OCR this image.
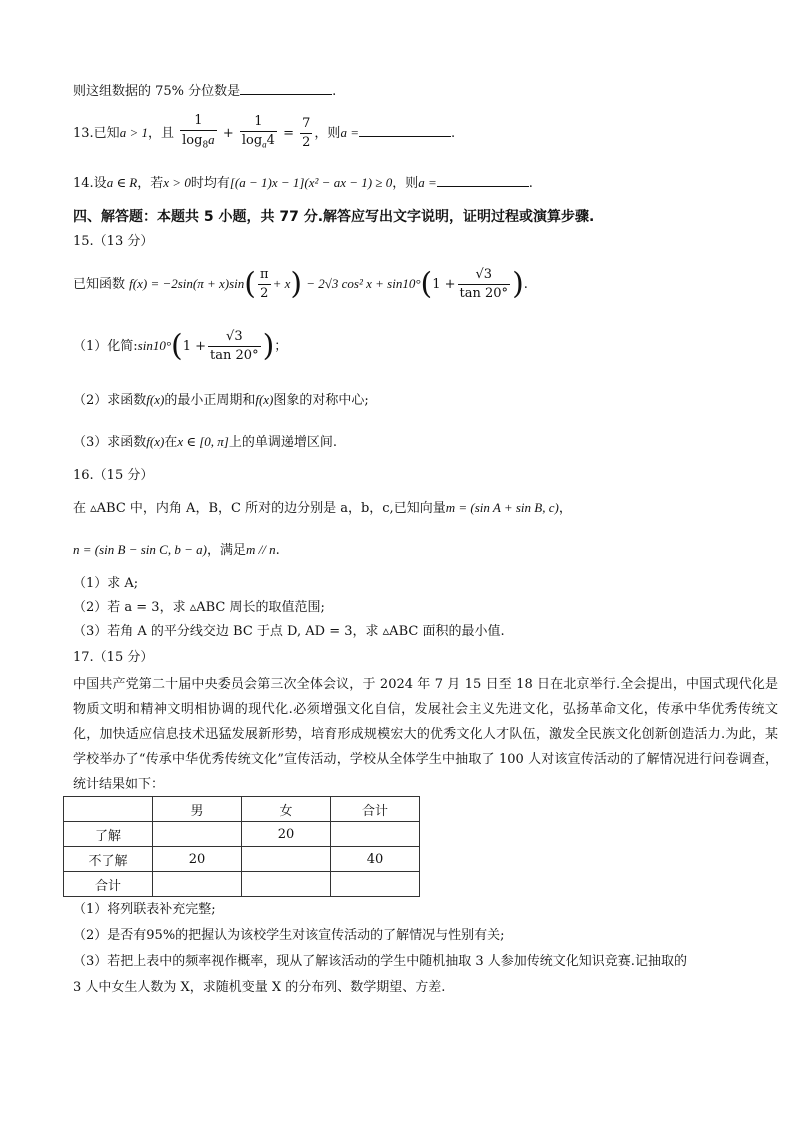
则这组数据的 75% 分位数是	.
13.已知a > 1，且 $\frac{1}{\log_8a} + \frac{1}{\log_a4} = \frac{7}{2}$ ，则a =	.
14.设a ∈ R，若x > 0时均有[(a − 1)x − 1](x² − ax − 1) ≥ 0，则a =	.
四、解答题：本题共 5 小题，共 77 分.解答应写出文字说明，证明过程或演算步骤.
15.（13 分）
已知函数 $f(x) = -2\sin(\pi + x)\sin( \frac{\pi}{2} + x) - 2√3$ cos² $x + \sin 10^\circ(1 + \frac{√3}{\tan 20^\circ}$ ).
（1）化简:sin10°(1 + $\frac{√3}{\tan 20^\circ}$ )；
（2）求函数f(x)的最小正周期和f(x)图象的对称中心;
（3）求函数f(x)在x ∈ [0, π]上的单调递增区间.
16.（15 分）
在 ▵ABC 中，内角 A，B，C 所对的边分别是 a，b，c,已知向量m = (sin A + sin B, c)，
n = (sin B − sin C, b − a)，满足m // n.
（1）求 A;
（2）若 a = 3，求 ▵ABC 周长的取值范围;
（3）若角 A 的平分线交边 BC 于点 D, AD = 3，求 ▵ABC 面积的最小值.
17.（15 分）
中国共产党第二十届中央委员会第三次全体会议，于 2024 年 7 月 15 日至 18 日在北京举行.全会提出，中国式现代化是物质文明和精神文明相协调的现代化.必须增强文化自信，发展社会主义先进文化，弘扬革命文化，传承中华优秀传统文化，加快适应信息技术迅猛发展新形势，培育形成规模宏大的优秀文化人才队伍，激发全民族文化创新创造活力.为此，某学校举办了“传承中华优秀传统文化”宣传活动，学校从全体学生中抽取了 100 人对该宣传活动的了解情况进行问卷调查，统计结果如下：
	男	女	合计
了解		20	
不了解	20		40
合计			
（1）将列联表补充完整;
（2）是否有95%的把握认为该校学生对该宣传活动的了解情况与性别有关;
（3）若把上表中的频率视作概率，现从了解该活动的学生中随机抽取 3 人参加传统文化知识竞赛.记抽取的
3 人中女生人数为 X，求随机变量 X 的分布列、数学期望、方差.
